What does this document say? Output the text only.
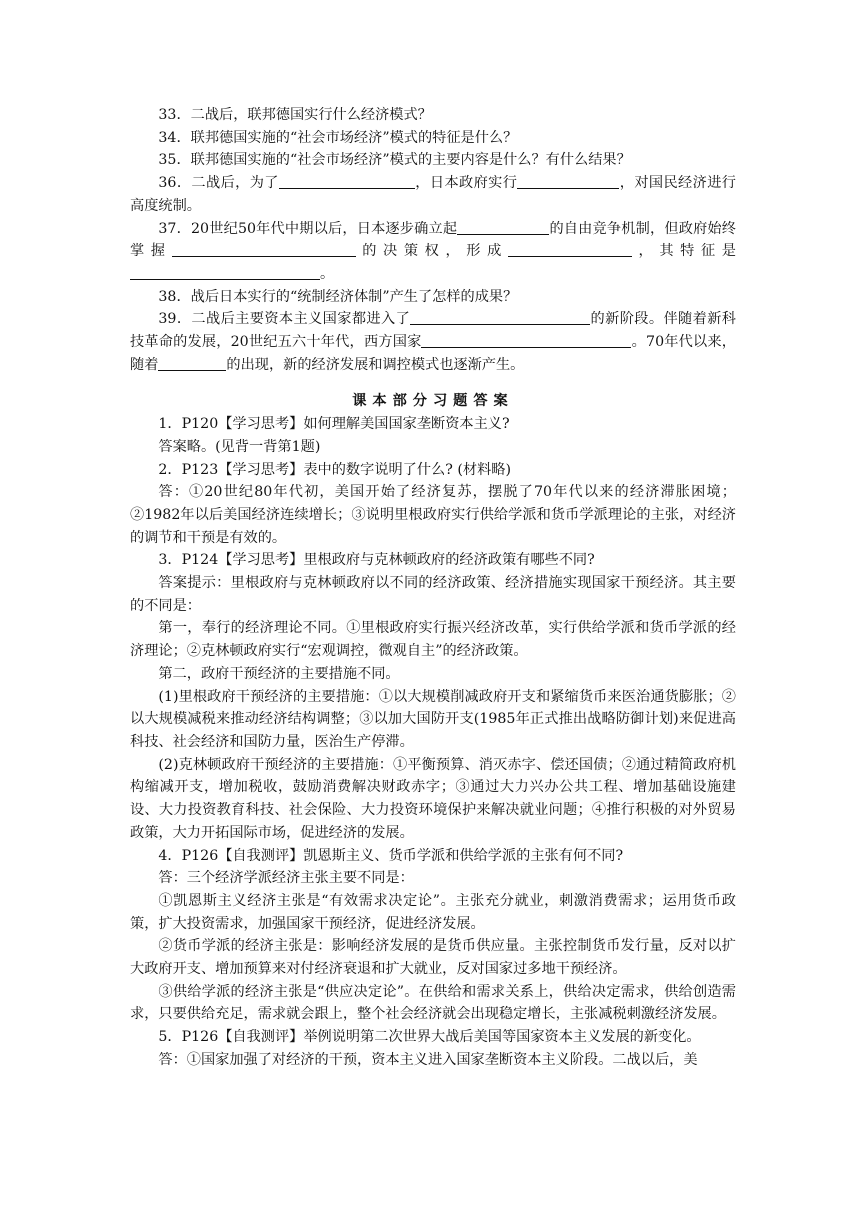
33．二战后，联邦德国实行什么经济模式？

34．联邦德国实施的“社会市场经济”模式的特征是什么？

35．联邦德国实施的“社会市场经济”模式的主要内容是什么？有什么结果？

36．二战后，为了	，日本政府实行	，对国民经济进行高度统制。

37．20世纪50年代中期以后，日本逐步确立起	的自由竞争机制，但政府始终掌握	的决策权，形成	，其特征是。

38．战后日本实行的“统制经济体制”产生了怎样的成果？

39．二战后主要资本主义国家都进入了	的新阶段。伴随着新科技革命的发展，20世纪五六十年代，西方国家	。70年代以来，随着	的出现，新的经济发展和调控模式也逐渐产生。

课本部分习题答案

1．P120【学习思考】如何理解美国国家垄断资本主义?

答案略。(见背一背第1题)

2．P123【学习思考】表中的数字说明了什么? (材料略)

答：①20世纪80年代初，美国开始了经济复苏，摆脱了70年代以来的经济滞胀困境；②1982年以后美国经济连续增长；③说明里根政府实行供给学派和货币学派理论的主张，对经济的调节和干预是有效的。

3．P124【学习思考】里根政府与克林顿政府的经济政策有哪些不同?

答案提示：里根政府与克林顿政府以不同的经济政策、经济措施实现国家干预经济。其主要的不同是：

第一，奉行的经济理论不同。①里根政府实行振兴经济改革，实行供给学派和货币学派的经济理论；②克林顿政府实行“宏观调控，微观自主”的经济政策。

第二，政府干预经济的主要措施不同。

(1)里根政府干预经济的主要措施：①以大规模削减政府开支和紧缩货币来医治通货膨胀；②以大规模减税来推动经济结构调整；③以加大国防开支(1985年正式推出战略防御计划)来促进高科技、社会经济和国防力量，医治生产停滞。

(2)克林顿政府干预经济的主要措施：①平衡预算、消灭赤字、偿还国债；②通过精简政府机构缩减开支，增加税收，鼓励消费解决财政赤字；③通过大力兴办公共工程、增加基础设施建设、大力投资教育科技、社会保险、大力投资环境保护来解决就业问题；④推行积极的对外贸易政策，大力开拓国际市场，促进经济的发展。

4．P126【自我测评】凯恩斯主义、货币学派和供给学派的主张有何不同?

答：三个经济学派经济主张主要不同是：

①凯恩斯主义经济主张是“有效需求决定论”。主张充分就业，刺激消费需求；运用货币政策，扩大投资需求，加强国家干预经济，促进经济发展。

②货币学派的经济主张是：影响经济发展的是货币供应量。主张控制货币发行量，反对以扩大政府开支、增加预算来对付经济衰退和扩大就业，反对国家过多地干预经济。

③供给学派的经济主张是“供应决定论”。在供给和需求关系上，供给决定需求，供给创造需求，只要供给充足，需求就会跟上，整个社会经济就会出现稳定增长，主张减税刺激经济发展。

5．P126【自我测评】举例说明第二次世界大战后美国等国家资本主义发展的新变化。

答：①国家加强了对经济的干预，资本主义进入国家垄断资本主义阶段。二战以后，美
